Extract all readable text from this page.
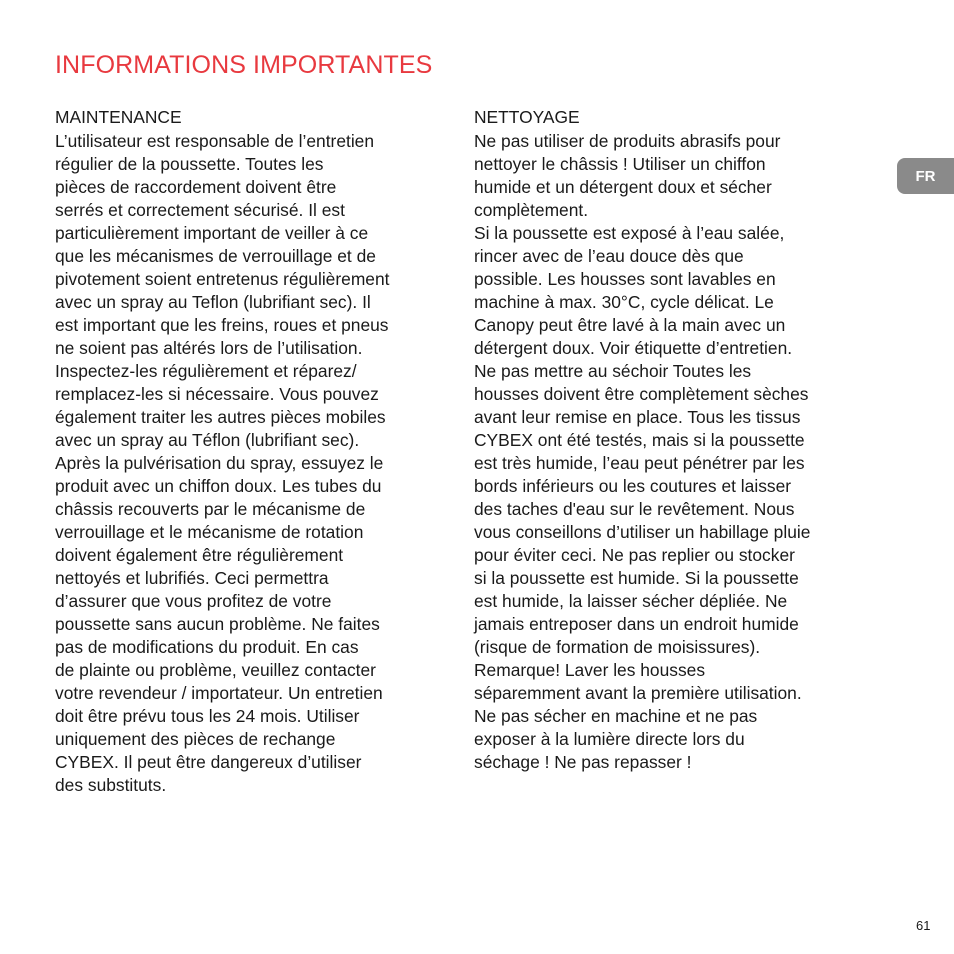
INFORMATIONS IMPORTANTES
MAINTENANCE
L’utilisateur est responsable de l’entretien
régulier de la poussette. Toutes les
pièces de raccordement doivent être
serrés et correctement sécurisé. Il est
particulièrement important de veiller à ce
que les mécanismes de verrouillage et de
pivotement soient entretenus régulièrement
avec un spray au Teflon (lubrifiant sec). Il
est important que les freins, roues et pneus
ne soient pas altérés lors de l’utilisation.
Inspectez-les régulièrement et réparez/
remplacez-les si nécessaire. Vous pouvez
également traiter les autres pièces mobiles
avec un spray au Téflon (lubrifiant sec).
Après la pulvérisation du spray, essuyez le
produit avec un chiffon doux. Les tubes du
châssis recouverts par le mécanisme de
verrouillage et le mécanisme de rotation
doivent également être régulièrement
nettoyés et lubrifiés. Ceci permettra
d’assurer que vous profitez de votre
poussette sans aucun problème. Ne faites
pas de modifications du produit. En cas
de plainte ou problème, veuillez contacter
votre revendeur / importateur. Un entretien
doit être prévu tous les 24 mois. Utiliser
uniquement des pièces de rechange
CYBEX. Il peut être dangereux d’utiliser
des substituts.
NETTOYAGE
Ne pas utiliser de produits abrasifs pour
nettoyer le châssis ! Utiliser un chiffon
humide et un détergent doux et sécher
complètement.
Si la poussette est exposé à l’eau salée,
rincer avec de l’eau douce dès que
possible. Les housses sont lavables en
machine à max. 30°C, cycle délicat. Le
Canopy peut être lavé à la main avec un
détergent doux. Voir étiquette d’entretien.
Ne pas mettre au séchoir Toutes les
housses doivent être complètement sèches
avant leur remise en place. Tous les tissus
CYBEX ont été testés, mais si la poussette
est très humide, l’eau peut pénétrer par les
bords inférieurs ou les coutures et laisser
des taches d'eau sur le revêtement. Nous
vous conseillons d’utiliser un habillage pluie
pour éviter ceci. Ne pas replier ou stocker
si la poussette est humide. Si la poussette
est humide, la laisser sécher dépliée. Ne
jamais entreposer dans un endroit humide
(risque de formation de moisissures).
Remarque! Laver les housses
séparemment avant la première utilisation.
Ne pas sécher en machine et ne pas
exposer à la lumière directe lors du
séchage ! Ne pas repasser !
FR
61
